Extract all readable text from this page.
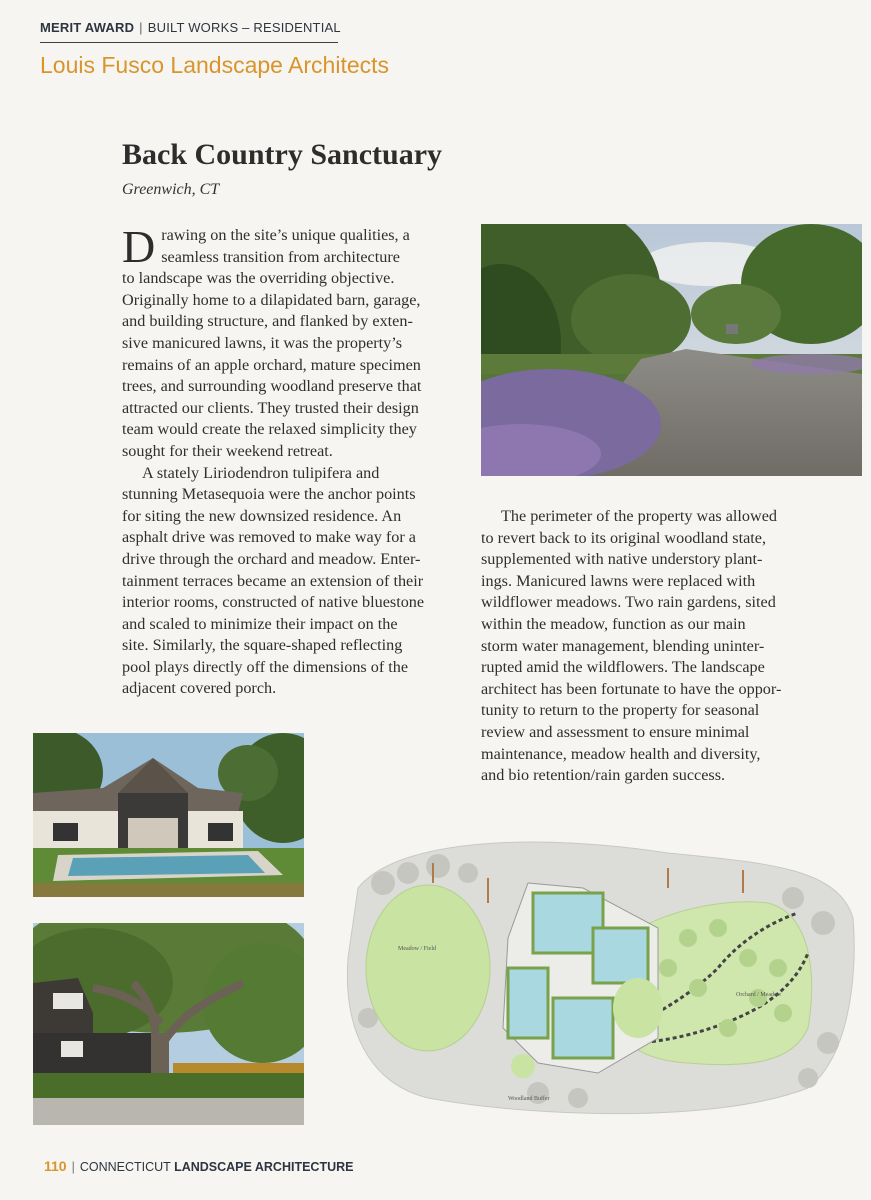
MERIT AWARD | BUILT WORKS – RESIDENTIAL
Louis Fusco Landscape Architects
Back Country Sanctuary
Greenwich, CT
D rawing on the site’s unique qualities, a
seamless transition from architecture
to landscape was the overriding objective.
Originally home to a dilapidated barn, garage,
and building structure, and flanked by exten-
sive manicured lawns, it was the property’s
remains of an apple orchard, mature specimen
trees, and surrounding woodland preserve that
attracted our clients. They trusted their design
team would create the relaxed simplicity they
sought for their weekend retreat.
A stately Liriodendron tulipifera and
stunning Metasequoia were the anchor points
for siting the new downsized residence. An
asphalt drive was removed to make way for a
drive through the orchard and meadow. Enter-
tainment terraces became an extension of their
interior rooms, constructed of native bluestone
and scaled to minimize their impact on the
site. Similarly, the square-shaped reflecting
pool plays directly off the dimensions of the
adjacent covered porch.
The perimeter of the property was allowed
to revert back to its original woodland state,
supplemented with native understory plant-
ings. Manicured lawns were replaced with
wildflower meadows. Two rain gardens, sited
within the meadow, function as our main
storm water management, blending uninter-
rupted amid the wildflowers. The landscape
architect has been fortunate to have the oppor-
tunity to return to the property for seasonal
review and assessment to ensure minimal
maintenance, meadow health and diversity,
and bio retention/rain garden success.
Meadow / Field
Orchard / Meadow
Woodland Buffer
110 | CONNECTICUT LANDSCAPE ARCHITECTURE
